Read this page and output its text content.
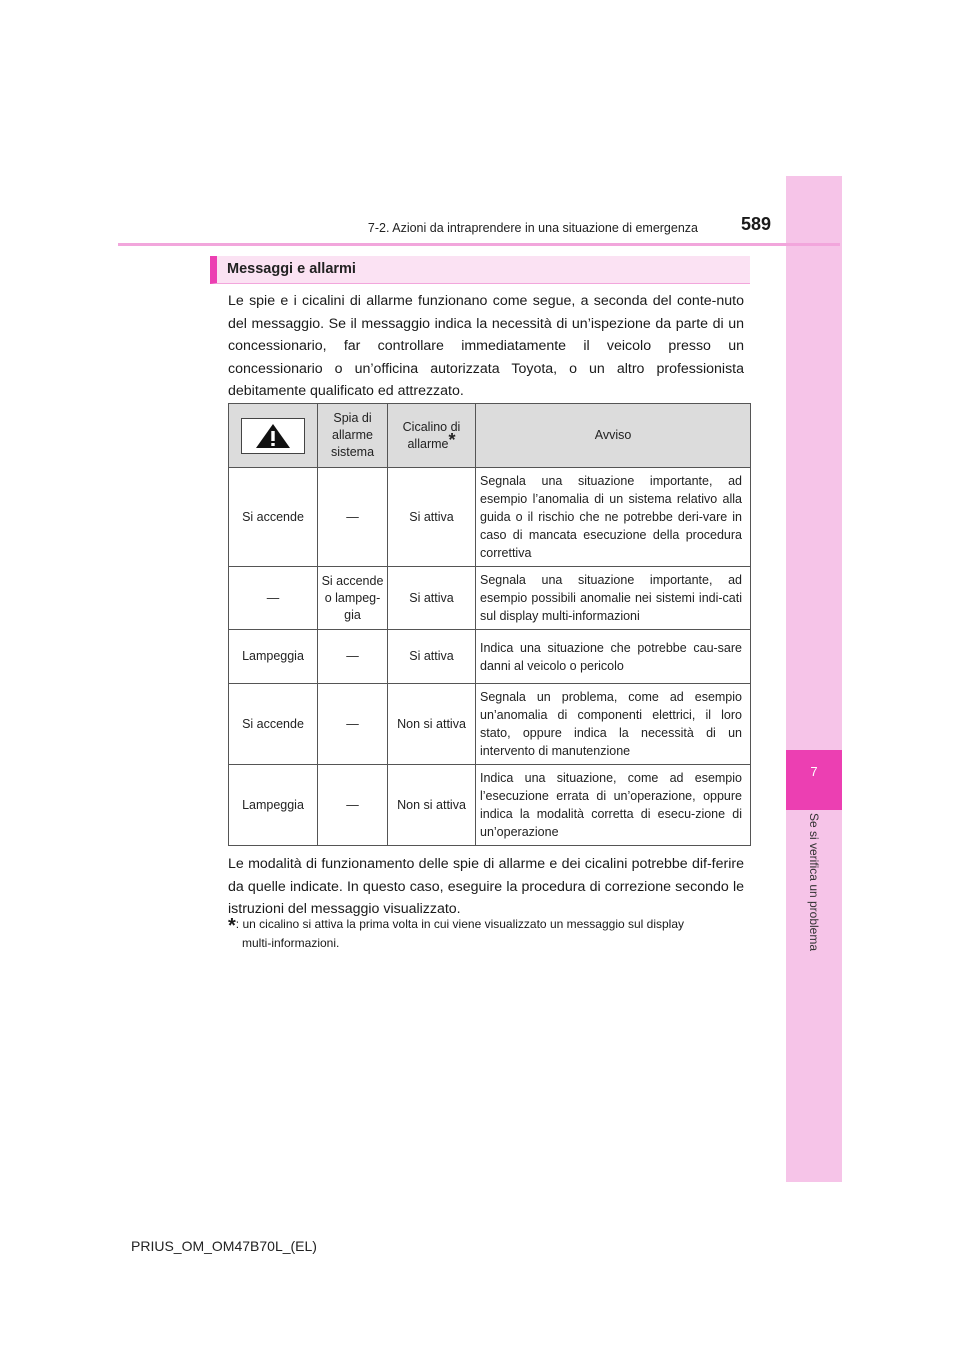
7
Se si verifica un problema
7-2. Azioni da intraprendere in una situazione di emergenza 589
Messaggi e allarmi
Le spie e i cicalini di allarme funzionano come segue, a seconda del conte-nuto del messaggio. Se il messaggio indica la necessità di un’ispezione da parte di un concessionario, far controllare immediatamente il veicolo presso un concessionario o un’officina autorizzata Toyota, o un altro professionista debitamente qualificato ed attrezzato.
	Spia di allarme sistema	Cicalino di allarme*	Avviso
Si accende	—	Si attiva	Segnala una situazione importante, ad esempio l’anomalia di un sistema relativo alla guida o il rischio che ne potrebbe deri-vare in caso di mancata esecuzione della procedura correttiva
—	Si accende o lampeg-gia	Si attiva	Segnala una situazione importante, ad esempio possibili anomalie nei sistemi indi-cati sul display multi-informazioni
Lampeggia	—	Si attiva	Indica una situazione che potrebbe cau-sare danni al veicolo o pericolo
Si accende	—	Non si attiva	Segnala un problema, come ad esempio un’anomalia di componenti elettrici, il loro stato, oppure indica la necessità di un intervento di manutenzione
Lampeggia	—	Non si attiva	Indica una situazione, come ad esempio l’esecuzione errata di un’operazione, oppure indica la modalità corretta di esecu-zione di un’operazione
Le modalità di funzionamento delle spie di allarme e dei cicalini potrebbe dif-ferire da quelle indicate. In questo caso, eseguire la procedura di correzione secondo le istruzioni del messaggio visualizzato.
*: un cicalino si attiva la prima volta in cui viene visualizzato un messaggio sul display
multi-informazioni.
PRIUS_OM_OM47B70L_(EL)
